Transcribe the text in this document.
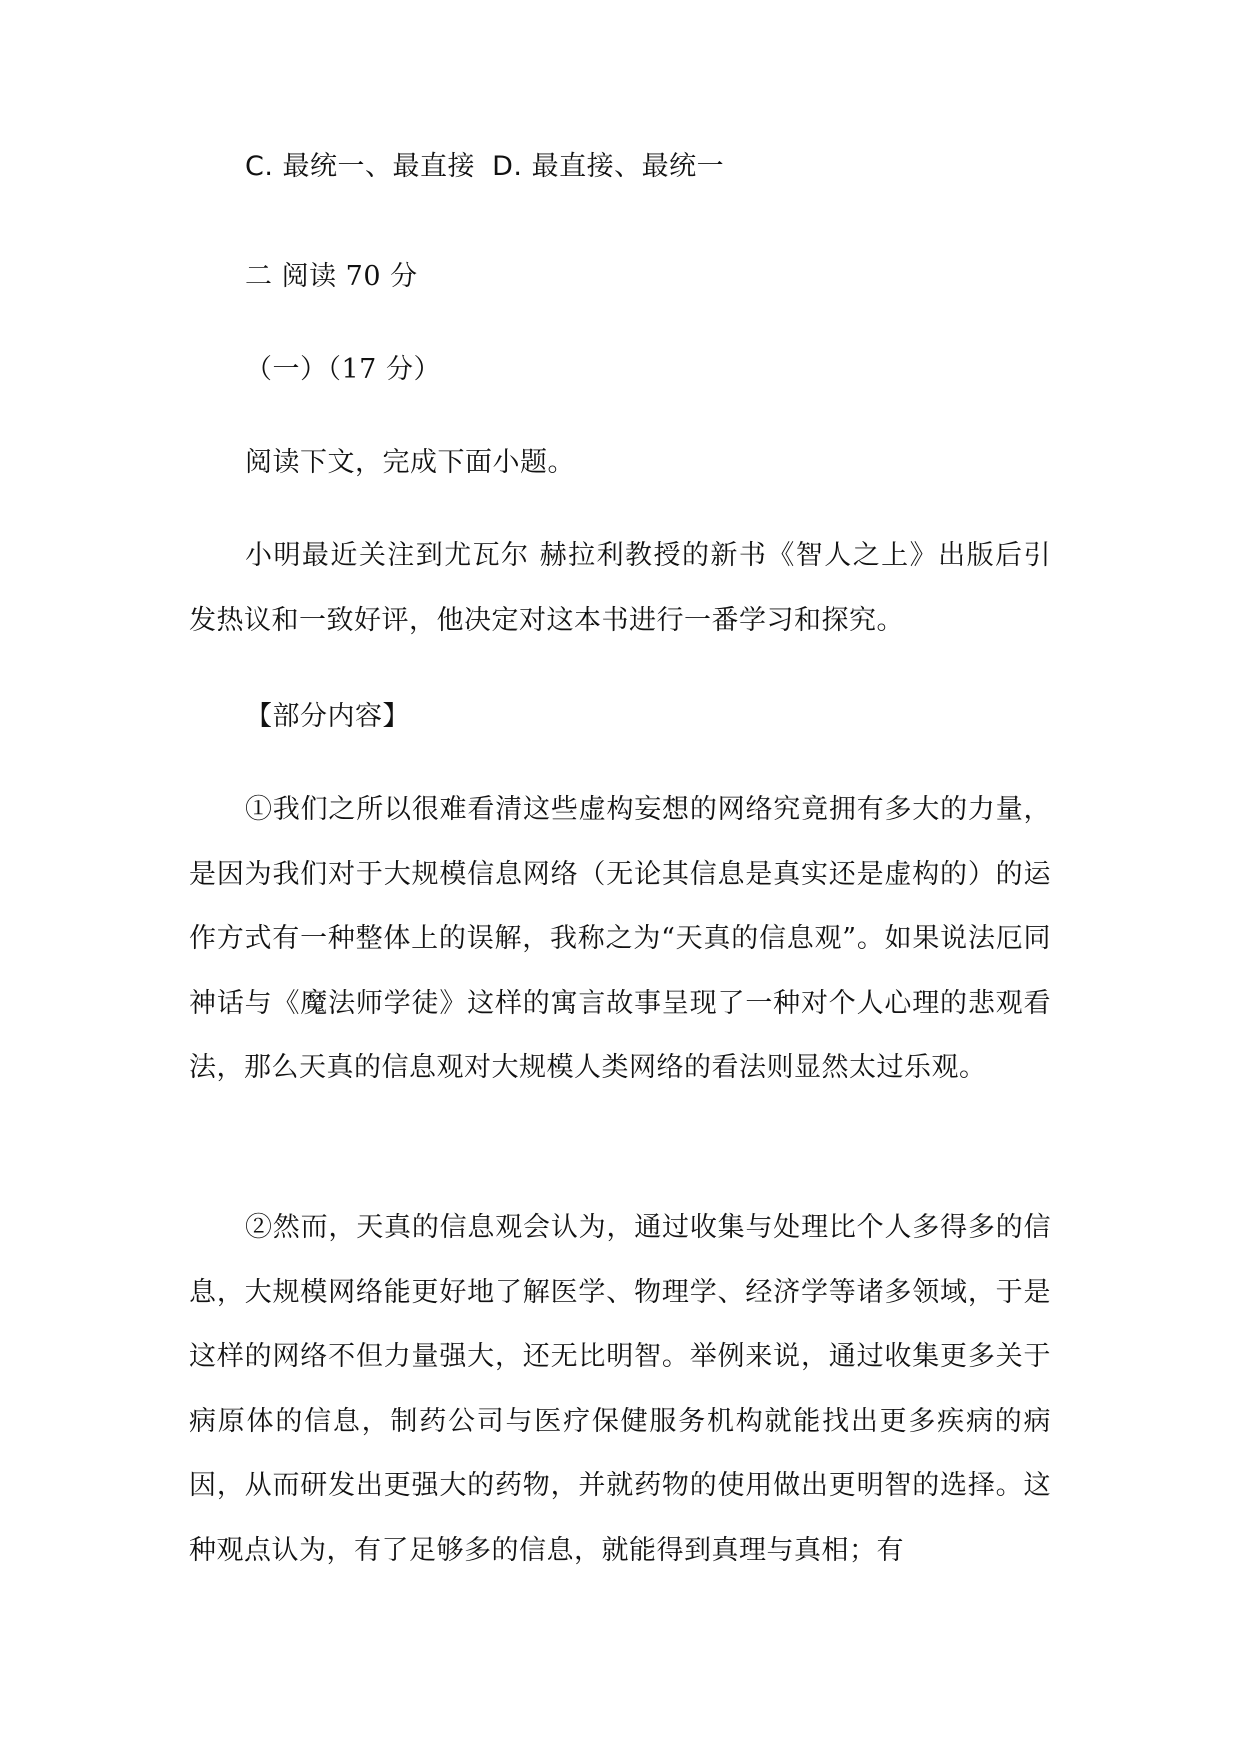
C. 最统一、最直接 D. 最直接、最统一
二 阅读 70 分
（一）（17 分）
阅读下文，完成下面小题。
小明最近关注到尤瓦尔 赫拉利教授的新书《智人之上》出版后引发热议和一致好评，他决定对这本书进行一番学习和探究。
【部分内容】
①我们之所以很难看清这些虚构妄想的网络究竟拥有多大的力量，是因为我们对于大规模信息网络（无论其信息是真实还是虚构的）的运作方式有一种整体上的误解，我称之为“天真的信息观”。如果说法厄同神话与《魔法师学徒》这样的寓言故事呈现了一种对个人心理的悲观看法，那么天真的信息观对大规模人类网络的看法则显然太过乐观。
②然而，天真的信息观会认为，通过收集与处理比个人多得多的信息，大规模网络能更好地了解医学、物理学、经济学等诸多领域，于是这样的网络不但力量强大，还无比明智。举例来说，通过收集更多关于病原体的信息，制药公司与医疗保健服务机构就能找出更多疾病的病因，从而研发出更强大的药物，并就药物的使用做出更明智的选择。这种观点认为，有了足够多的信息，就能得到真理与真相；有
